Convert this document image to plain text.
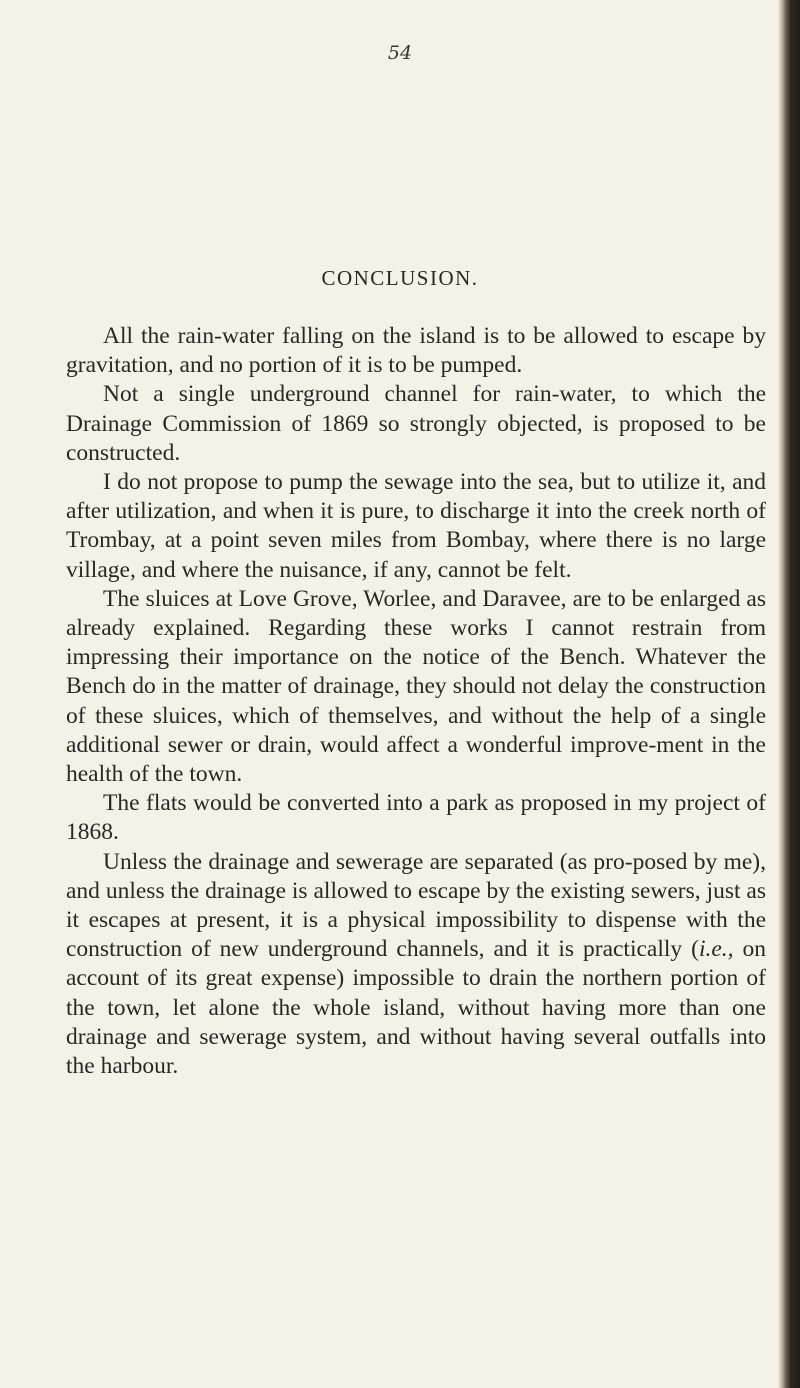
54

CONCLUSION.

All the rain-water falling on the island is to be allowed to escape by gravitation, and no portion of it is to be pumped.

Not a single underground channel for rain-water, to which the Drainage Commission of 1869 so strongly objected, is proposed to be constructed.

I do not propose to pump the sewage into the sea, but to utilize it, and after utilization, and when it is pure, to discharge it into the creek north of Trombay, at a point seven miles from Bombay, where there is no large village, and where the nuisance, if any, cannot be felt.

The sluices at Love Grove, Worlee, and Daravee, are to be enlarged as already explained. Regarding these works I cannot restrain from impressing their importance on the notice of the Bench. Whatever the Bench do in the matter of drainage, they should not delay the construction of these sluices, which of themselves, and without the help of a single additional sewer or drain, would affect a wonderful improve-ment in the health of the town.

The flats would be converted into a park as proposed in my project of 1868.

Unless the drainage and sewerage are separated (as pro-posed by me), and unless the drainage is allowed to escape by the existing sewers, just as it escapes at present, it is a physical impossibility to dispense with the construction of new underground channels, and it is practically (i.e., on account of its great expense) impossible to drain the northern portion of the town, let alone the whole island, without having more than one drainage and sewerage system, and without having several outfalls into the harbour.
